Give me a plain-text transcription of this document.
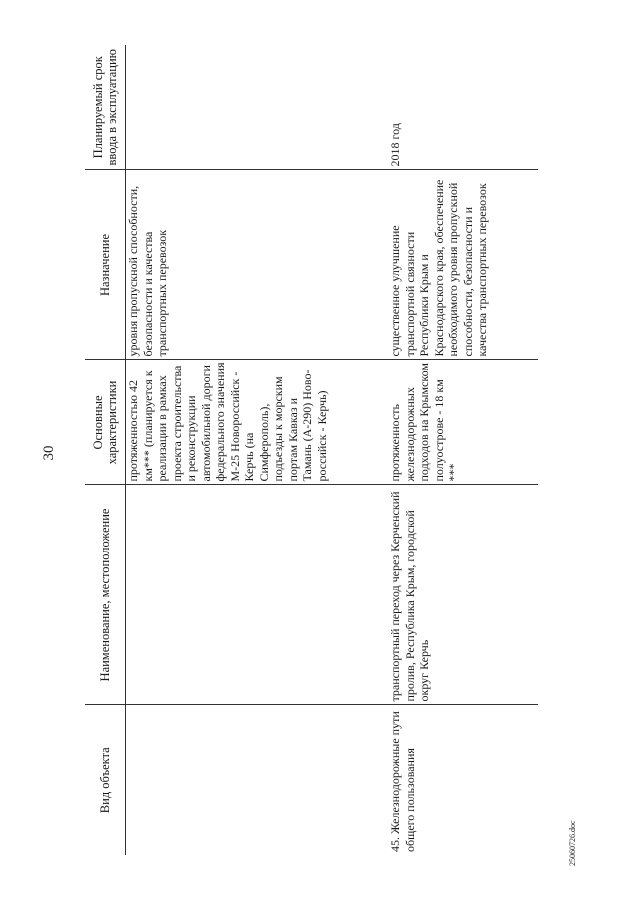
30
25060726.doc
Вид объекта	Наименование, местоположение	Основные характеристики	Назначение	Планируемый срок ввода в эксплуатацию
		протяженностью 42 км*** (планируется к реализации в рамках проекта строительства и реконструкции автомобильной дороги федерального значения М-25 Новороссийск - Керчь (на Симферополь), подъезды к морским портам Кавказ и Тамань (А-290) Ново-российск - Керчь)	уровня пропускной способности, безопасности и качества транспортных перевозок	
45. Железнодорожные пути общего пользования	транспортный переход через Керченский пролив, Республика Крым, городской округ Керчь	протяженность железнодорожных подходов на Крымском полуострове - 18 км ***	существенное улучшение транспортной связности Республики Крым и Краснодарского края, обеспечение необходимого уровня пропускной способности, безопасности и качества транспортных перевозок	2018 год
